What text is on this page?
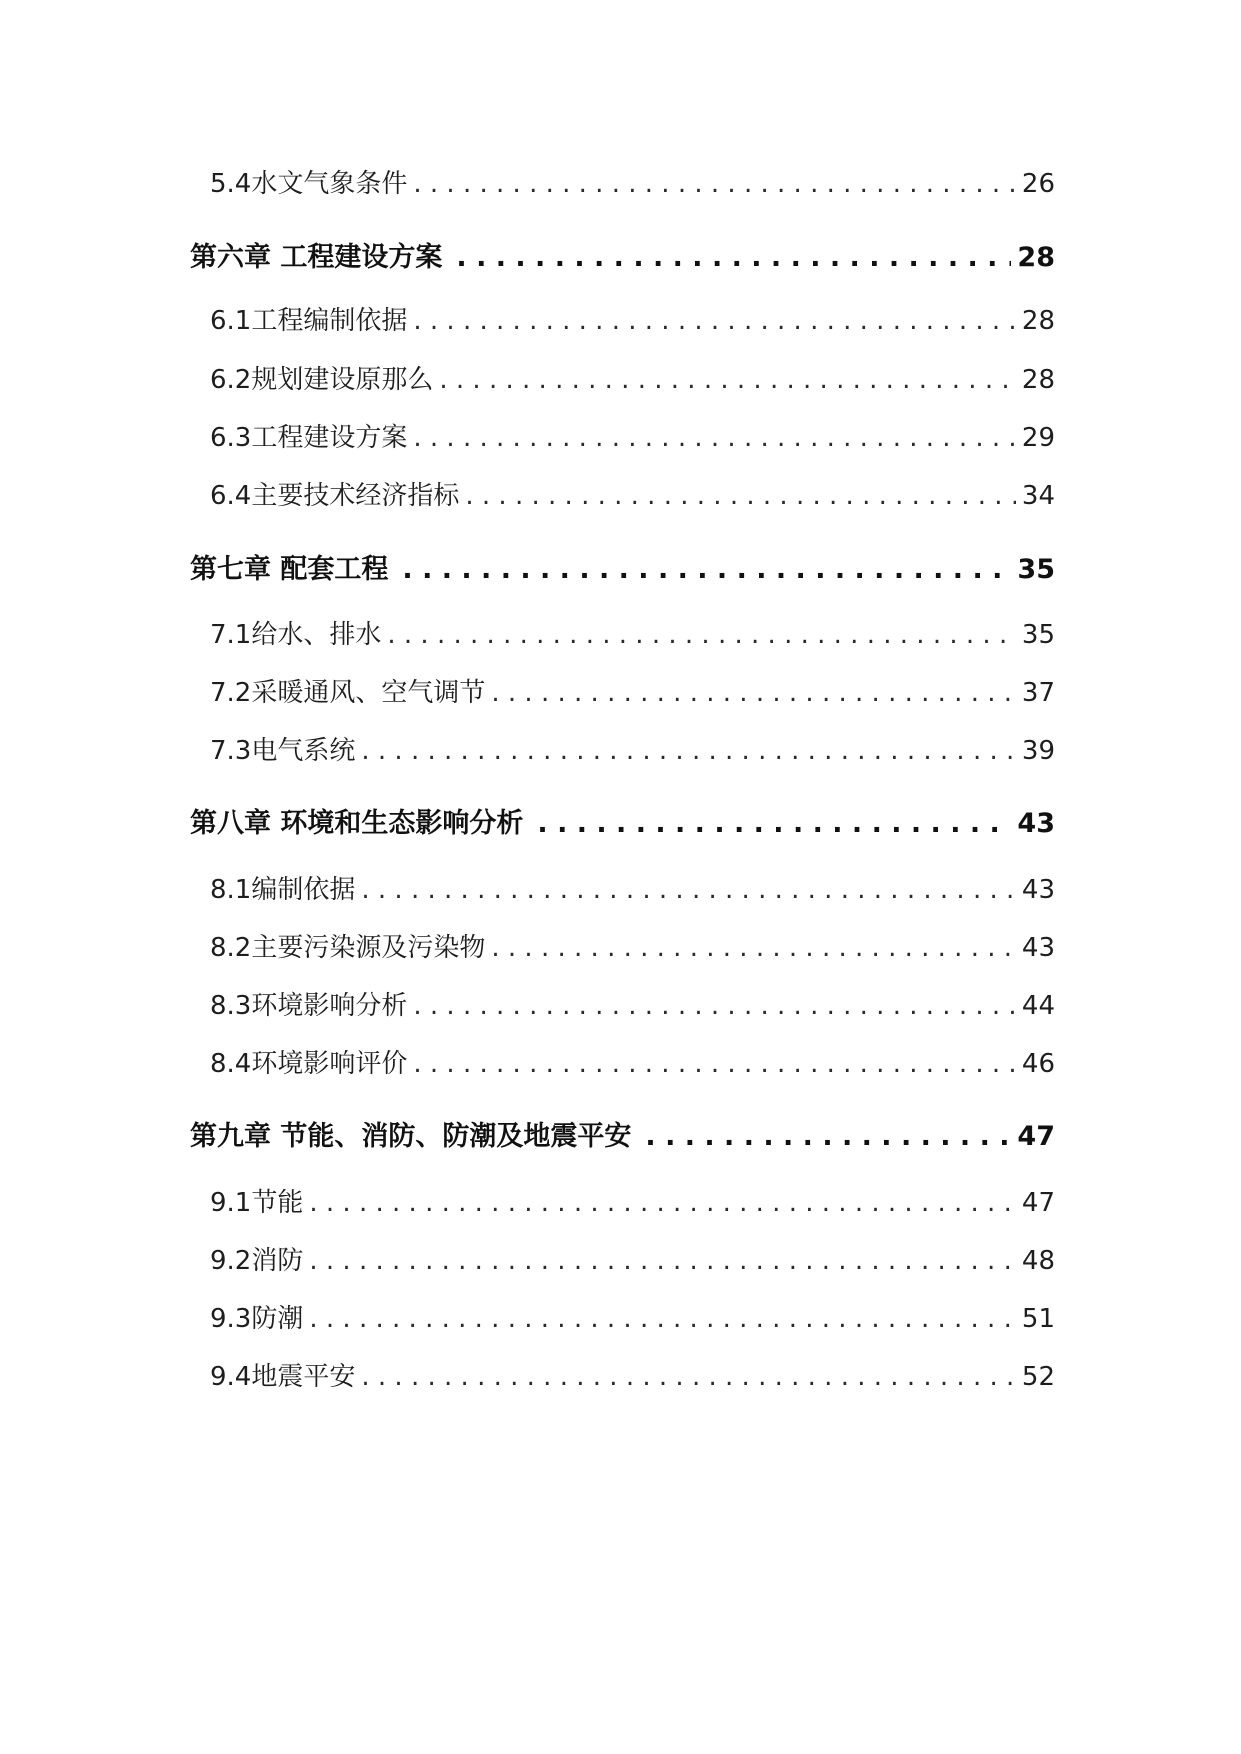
5.4水文气象条件 . . .	26
第六章 工程建设方案 . . .	28
6.1工程编制依据 . . .	28
6.2规划建设原那么 . . .	28
6.3工程建设方案 . . .	29
6.4主要技术经济指标 . . .	34
第七章 配套工程 . . .	35
7.1给水、排水 . . .	35
7.2采暖通风、空气调节 . . .	37
7.3电气系统 . . .	39
第八章 环境和生态影响分析 . . .	43
8.1编制依据 . . .	43
8.2主要污染源及污染物 . . .	43
8.3环境影响分析 . . .	44
8.4环境影响评价 . . .	46
第九章 节能、消防、防潮及地震平安 . . .	47
9.1节能 . . .	47
9.2消防 . . .	48
9.3防潮 . . .	51
9.4地震平安 . . .	52
